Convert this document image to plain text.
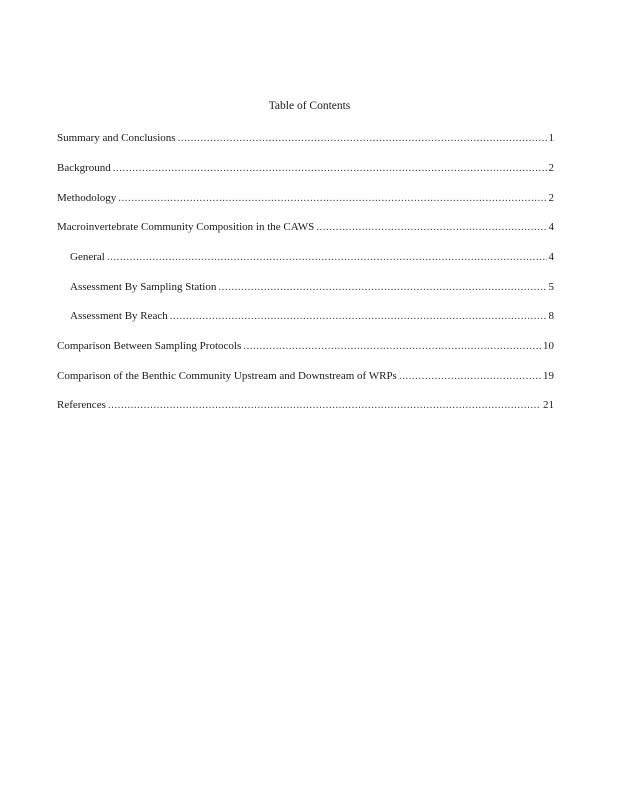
Table of Contents
Summary and Conclusions .....	1
Background .....	2
Methodology .....	2
Macroinvertebrate Community Composition in the CAWS .....	4
General .....	4
Assessment By Sampling Station .....	5
Assessment By Reach .....	8
Comparison Between Sampling Protocols .....	10
Comparison of the Benthic Community Upstream and Downstream of WRPs .....	19
References .....	21
